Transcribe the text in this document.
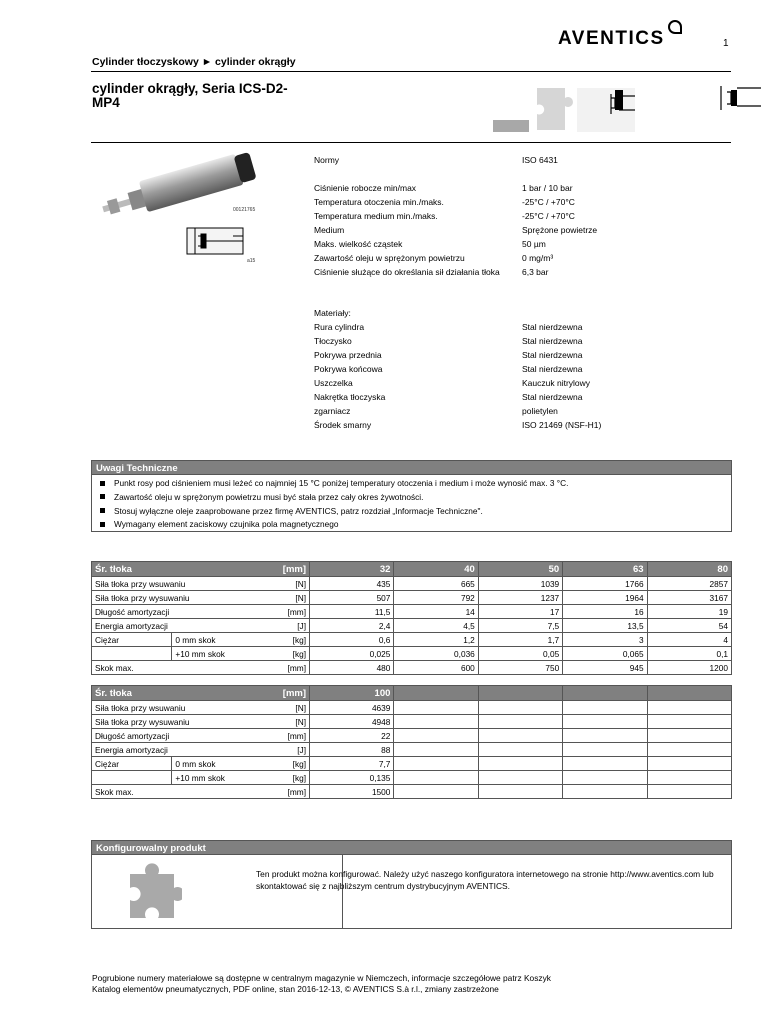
AVENTICS	1
Cylinder tłoczyskowy ► cylinder okrągły
cylinder okrągły, Seria ICS-D2-MP4
00121765
a15
Normy	ISO 6431
Ciśnienie robocze min/max	1 bar / 10 bar
Temperatura otoczenia min./maks.	-25°C / +70°C
Temperatura medium min./maks.	-25°C / +70°C
Medium	Sprężone powietrze
Maks. wielkość cząstek	50 µm
Zawartość oleju w sprężonym powietrzu	0 mg/m³
Ciśnienie służące do określania sił działania tłoka	6,3 bar
Materiały:
Rura cylindra	Stal nierdzewna
Tłoczysko	Stal nierdzewna
Pokrywa przednia	Stal nierdzewna
Pokrywa końcowa	Stal nierdzewna
Uszczelka	Kauczuk nitrylowy
Nakrętka tłoczyska	Stal nierdzewna
zgarniacz	polietylen
Środek smarny	ISO 21469 (NSF-H1)
Uwagi Techniczne
Punkt rosy pod ciśnieniem musi leżeć co najmniej 15 °C poniżej temperatury otoczenia i medium i może wynosić max. 3 °C.
Zawartość oleju w sprężonym powietrzu musi być stała przez cały okres żywotności.
Stosuj wyłączne oleje zaaprobowane przez firmę AVENTICS, patrz rozdział „Informacje Techniczne".
Wymagany element zaciskowy czujnika pola magnetycznego
Śr. tłoka		[mm]	32	40	50	63	80
Siła tłoka przy wsuwaniu		[N]	435	665	1039	1766	2857
Siła tłoka przy wysuwaniu		[N]	507	792	1237	1964	3167
Długość amortyzacji		[mm]	11,5	14	17	16	19
Energia amortyzacji		[J]	2,4	4,5	7,5	13,5	54
Ciężar	0 mm skok	[kg]	0,6	1,2	1,7	3	4
	+10 mm skok	[kg]	0,025	0,036	0,05	0,065	0,1
Skok max.		[mm]	480	600	750	945	1200
Śr. tłoka		[mm]	100				
Siła tłoka przy wsuwaniu		[N]	4639				
Siła tłoka przy wysuwaniu		[N]	4948				
Długość amortyzacji		[mm]	22				
Energia amortyzacji		[J]	88				
Ciężar	0 mm skok	[kg]	7,7				
	+10 mm skok	[kg]	0,135				
Skok max.		[mm]	1500				
Konfigurowalny produkt
Ten produkt można konfigurować. Należy użyć naszego konfiguratora internetowego na stronie http://www.aventics.com lub skontaktować się z najbliższym centrum dystrybucyjnym AVENTICS.
Pogrubione numery materiałowe są dostępne w centralnym magazynie w Niemczech, informacje szczegółowe patrz Koszyk
Katalog elementów pneumatycznych, PDF online, stan 2016-12-13, © AVENTICS S.à r.l., zmiany zastrzeżone
